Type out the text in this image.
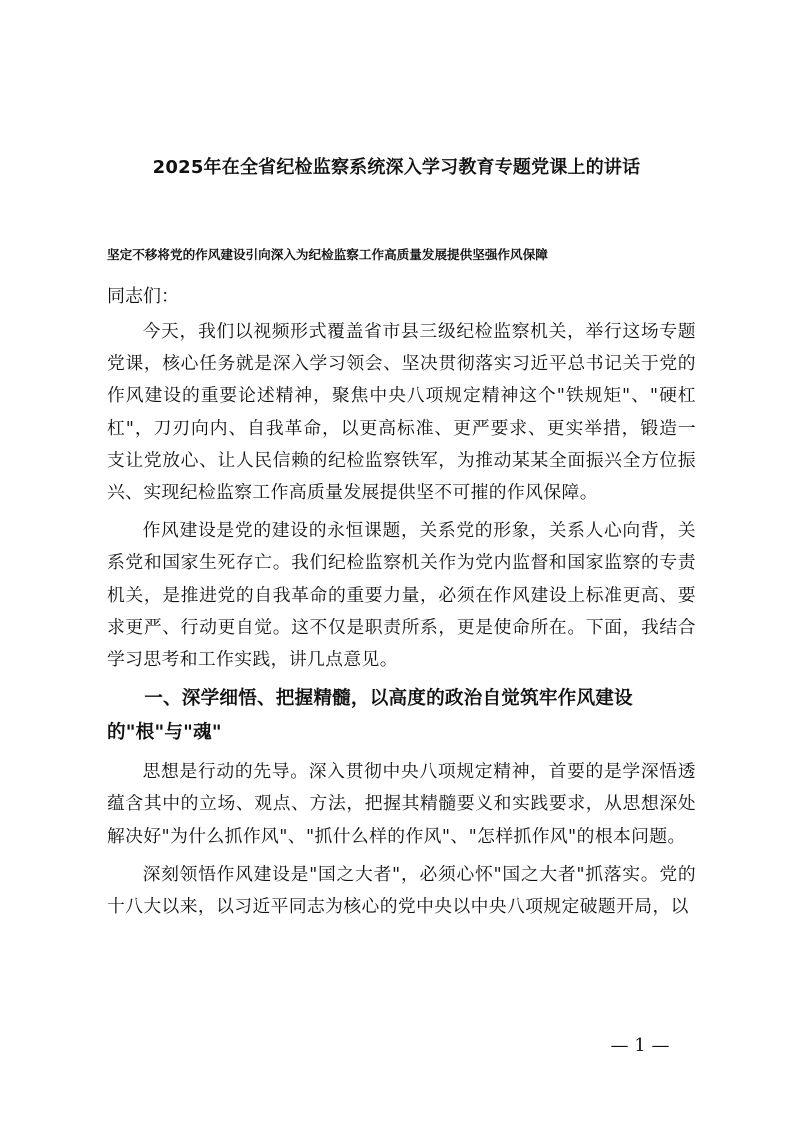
2025年在全省纪检监察系统深入学习教育专题党课上的讲话
坚定不移将党的作风建设引向深入为纪检监察工作高质量发展提供坚强作风保障

同志们：

今天，我们以视频形式覆盖省市县三级纪检监察机关，举行这场专题党课，核心任务就是深入学习领会、坚决贯彻落实习近平总书记关于党的作风建设的重要论述精神，聚焦中央八项规定精神这个"铁规矩"、"硬杠杠"，刀刃向内、自我革命，以更高标准、更严要求、更实举措，锻造一支让党放心、让人民信赖的纪检监察铁军，为推动某某全面振兴全方位振兴、实现纪检监察工作高质量发展提供坚不可摧的作风保障。

作风建设是党的建设的永恒课题，关系党的形象，关系人心向背，关系党和国家生死存亡。我们纪检监察机关作为党内监督和国家监察的专责机关，是推进党的自我革命的重要力量，必须在作风建设上标准更高、要求更严、行动更自觉。这不仅是职责所系，更是使命所在。下面，我结合学习思考和工作实践，讲几点意见。

一、深学细悟、把握精髓，以高度的政治自觉筑牢作风建设的"根"与"魂"

思想是行动的先导。深入贯彻中央八项规定精神，首要的是学深悟透蕴含其中的立场、观点、方法，把握其精髓要义和实践要求，从思想深处解决好"为什么抓作风"、"抓什么样的作风"、"怎样抓作风"的根本问题。

深刻领悟作风建设是"国之大者"，必须心怀"国之大者"抓落实。党的十八大以来，以习近平同志为核心的党中央以中央八项规定破题开局，以

— 1 —
